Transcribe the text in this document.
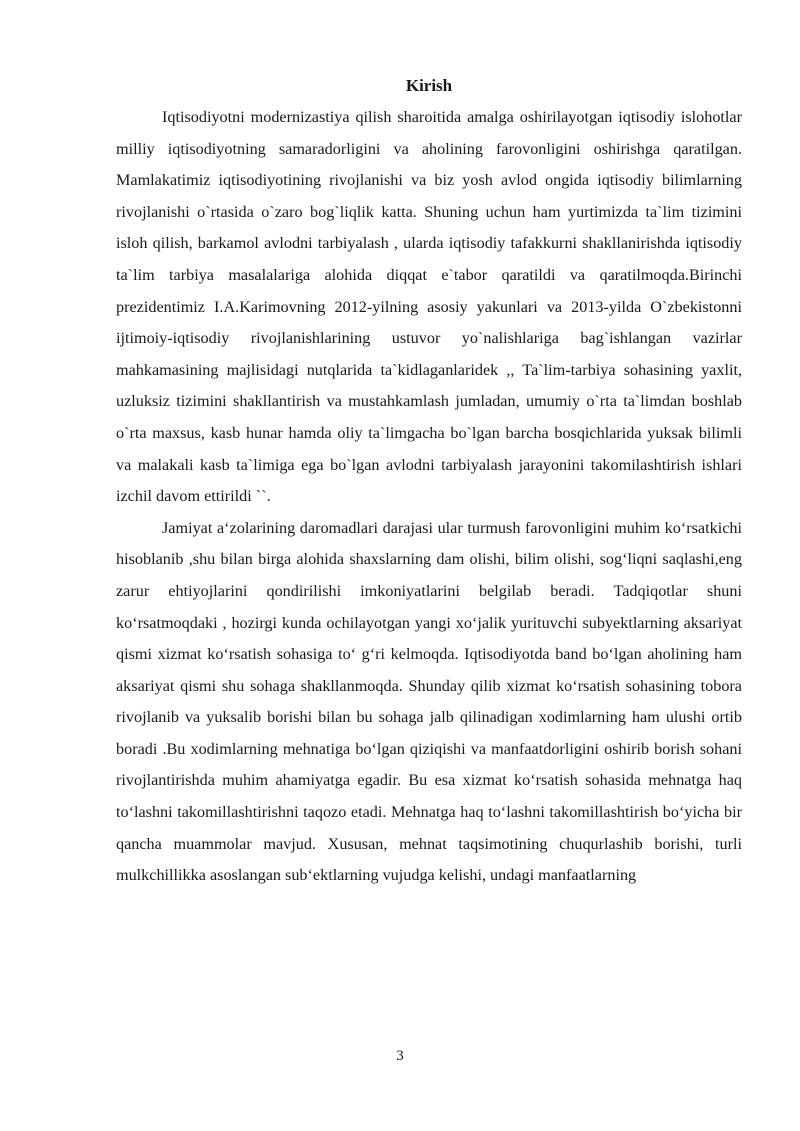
Kirish

Iqtisodiyotni modernizastiya qilish sharoitida amalga oshirilayotgan iqtisodiy islohotlar milliy iqtisodiyotning samaradorligini va aholining farovonligini oshirishga qaratilgan. Mamlakatimiz iqtisodiyotining rivojlanishi va biz yosh avlod ongida iqtisodiy bilimlarning rivojlanishi o`rtasida o`zaro bog`liqlik katta. Shuning uchun ham yurtimizda ta`lim tizimini isloh qilish, barkamol avlodni tarbiyalash , ularda iqtisodiy tafakkurni shakllanirishda iqtisodiy ta`lim tarbiya masalalariga alohida diqqat e`tabor qaratildi va qaratilmoqda.Birinchi prezidentimiz I.A.Karimovning 2012-yilning asosiy yakunlari va 2013-yilda O`zbekistonni ijtimoiy-iqtisodiy rivojlanishlarining ustuvor yo`nalishlariga bag`ishlangan vazirlar mahkamasining majlisidagi nutqlarida ta`kidlaganlaridek ,, Ta`lim-tarbiya sohasining yaxlit, uzluksiz tizimini shakllantirish va mustahkamlash jumladan, umumiy o`rta ta`limdan boshlab o`rta maxsus, kasb hunar hamda oliy ta`limgacha bo`lgan barcha bosqichlarida yuksak bilimli va malakali kasb ta`limiga ega bo`lgan avlodni tarbiyalash jarayonini takomilashtirish ishlari izchil davom ettirildi ``.

Jamiyat a‘zolarining daromadlari darajasi ular turmush farovonligini muhim ko‘rsatkichi hisoblanib ,shu bilan birga alohida shaxslarning dam olishi, bilim olishi, sog‘liqni saqlashi,eng zarur ehtiyojlarini qondirilishi imkoniyatlarini belgilab beradi. Tadqiqotlar shuni ko‘rsatmoqdaki , hozirgi kunda ochilayotgan yangi xo‘jalik yurituvchi subyektlarning aksariyat qismi xizmat ko‘rsatish sohasiga to‘ g‘ri kelmoqda. Iqtisodiyotda band bo‘lgan aholining ham aksariyat qismi shu sohaga shakllanmoqda. Shunday qilib xizmat ko‘rsatish sohasining tobora rivojlanib va yuksalib borishi bilan bu sohaga jalb qilinadigan xodimlarning ham ulushi ortib boradi .Bu xodimlarning mehnatiga bo‘lgan qiziqishi va manfaatdorligini oshirib borish sohani rivojlantirishda muhim ahamiyatga egadir. Bu esa xizmat ko‘rsatish sohasida mehnatga haq to‘lashni takomillashtirishni taqozo etadi. Mehnatga haq to‘lashni takomillashtirish bo‘yicha bir qancha muammolar mavjud. Xususan, mehnat taqsimotining chuqurlashib borishi, turli mulkchillikka asoslangan sub‘ektlarning vujudga kelishi, undagi manfaatlarning

3
